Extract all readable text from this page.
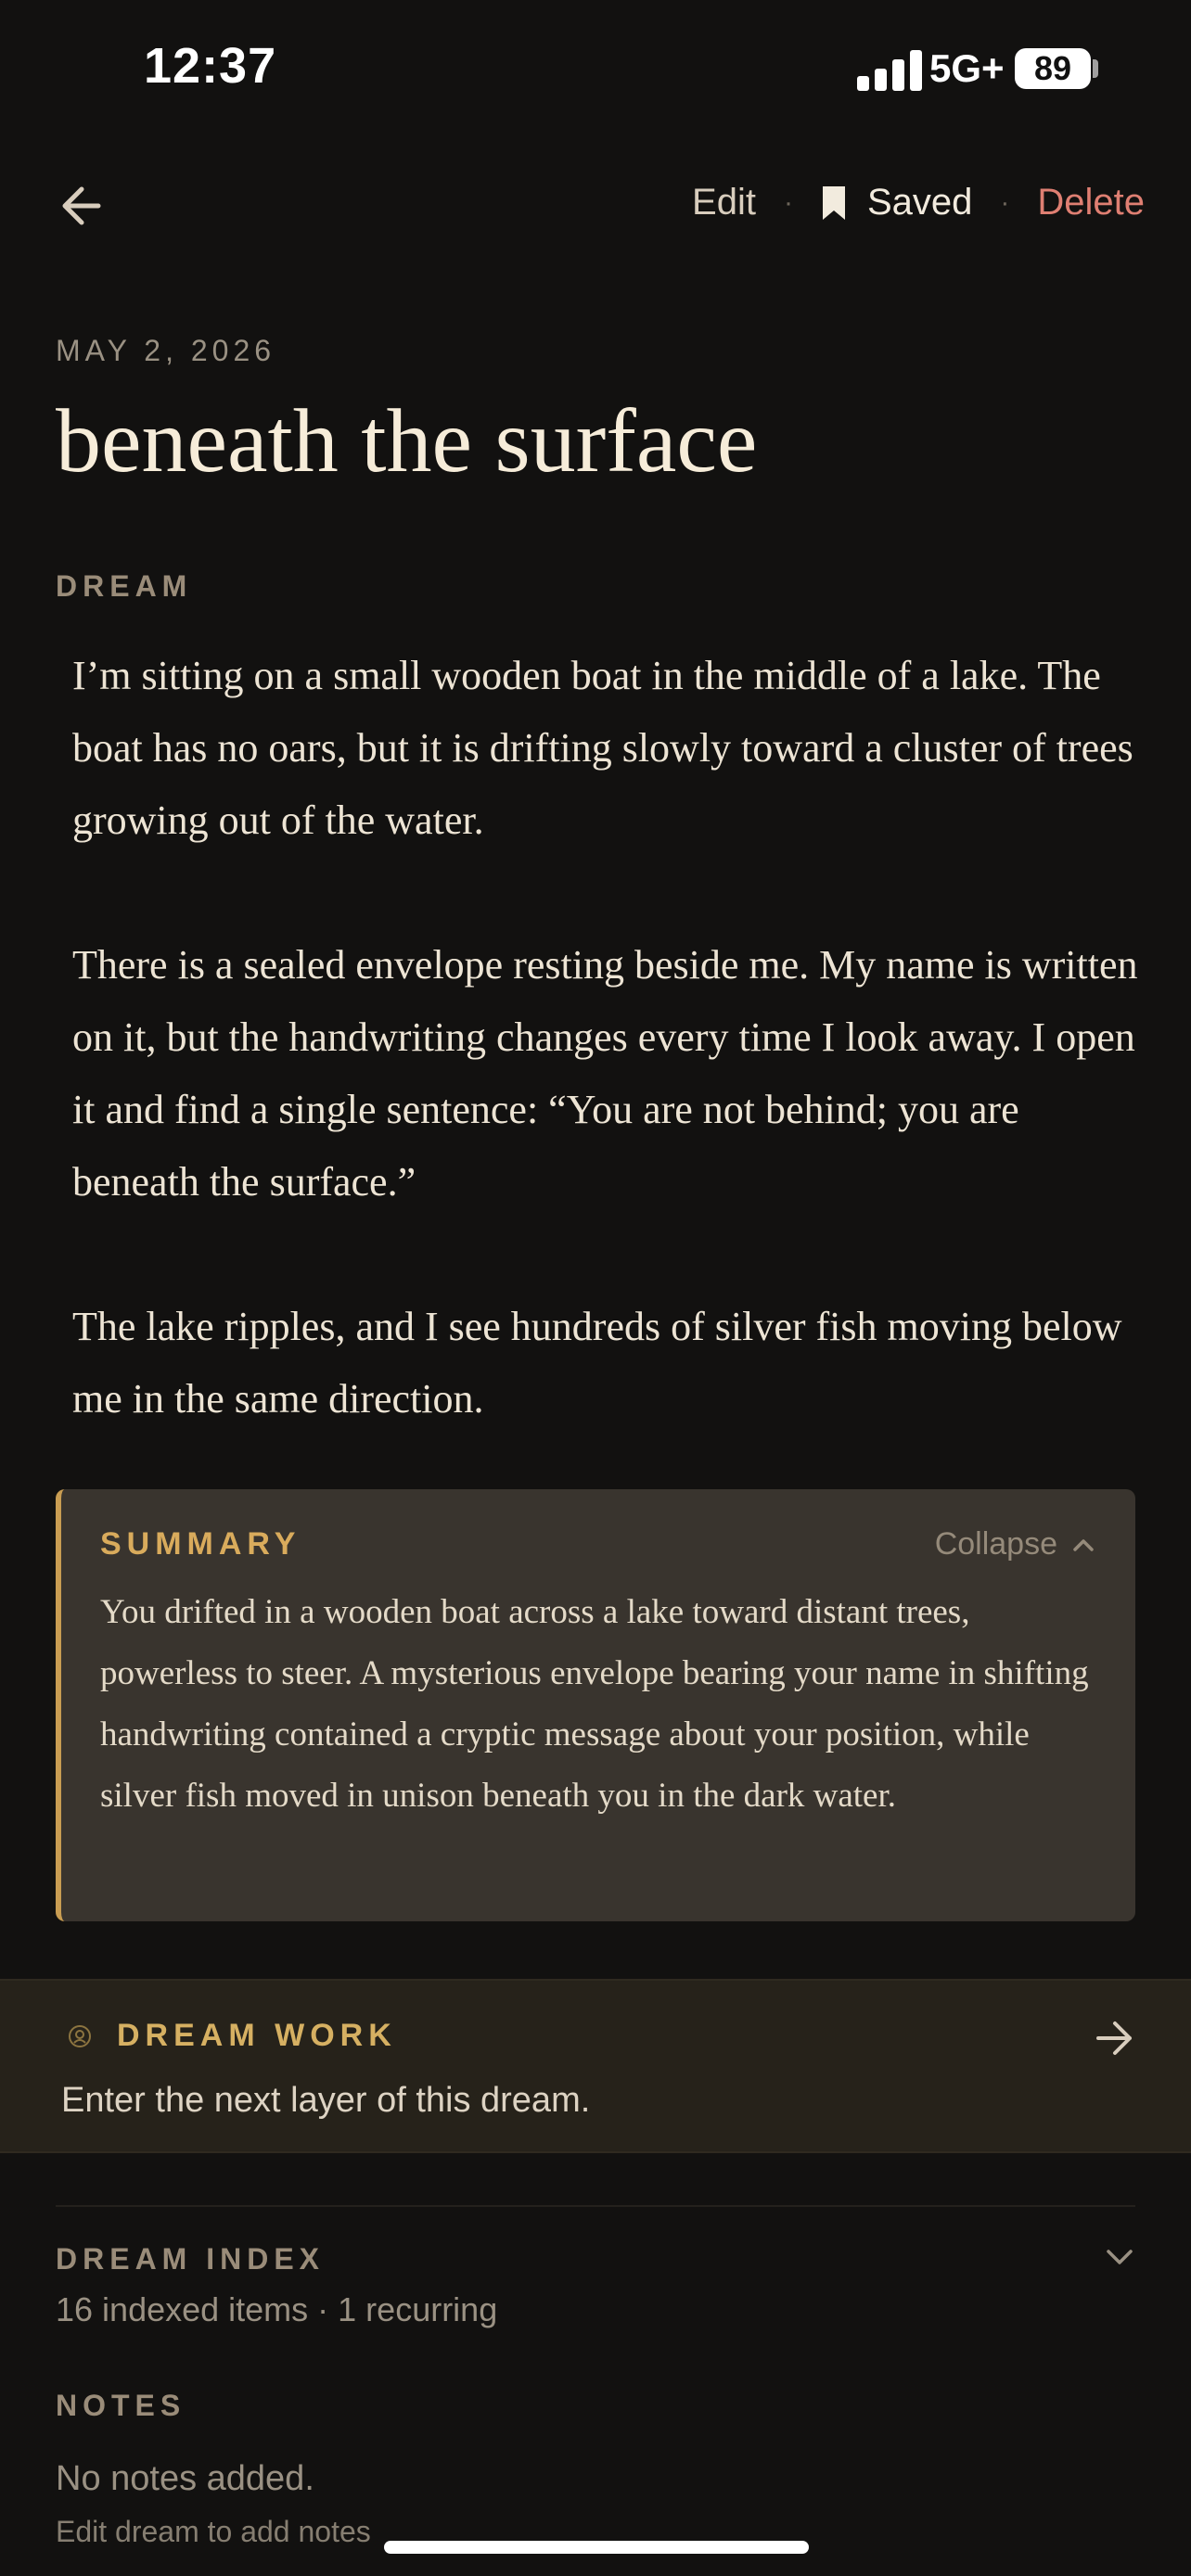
12:37	5G+ 89
Edit · Saved · Delete
MAY 2, 2026
beneath the surface
DREAM

I’m sitting on a small wooden boat in the middle of a lake. The boat has no oars, but it is drifting slowly toward a cluster of trees growing out of the water.

There is a sealed envelope resting beside me. My name is written on it, but the handwriting changes every time I look away. I open it and find a single sentence: “You are not behind; you are beneath the surface.”

The lake ripples, and I see hundreds of silver fish moving below me in the same direction.

SUMMARY	Collapse
You drifted in a wooden boat across a lake toward distant trees, powerless to steer. A mysterious envelope bearing your name in shifting handwriting contained a cryptic message about your position, while silver fish moved in unison beneath you in the dark water.
DREAM WORK
Enter the next layer of this dream.
DREAM INDEX
16 indexed items · 1 recurring
NOTES
No notes added.
Edit dream to add notes
